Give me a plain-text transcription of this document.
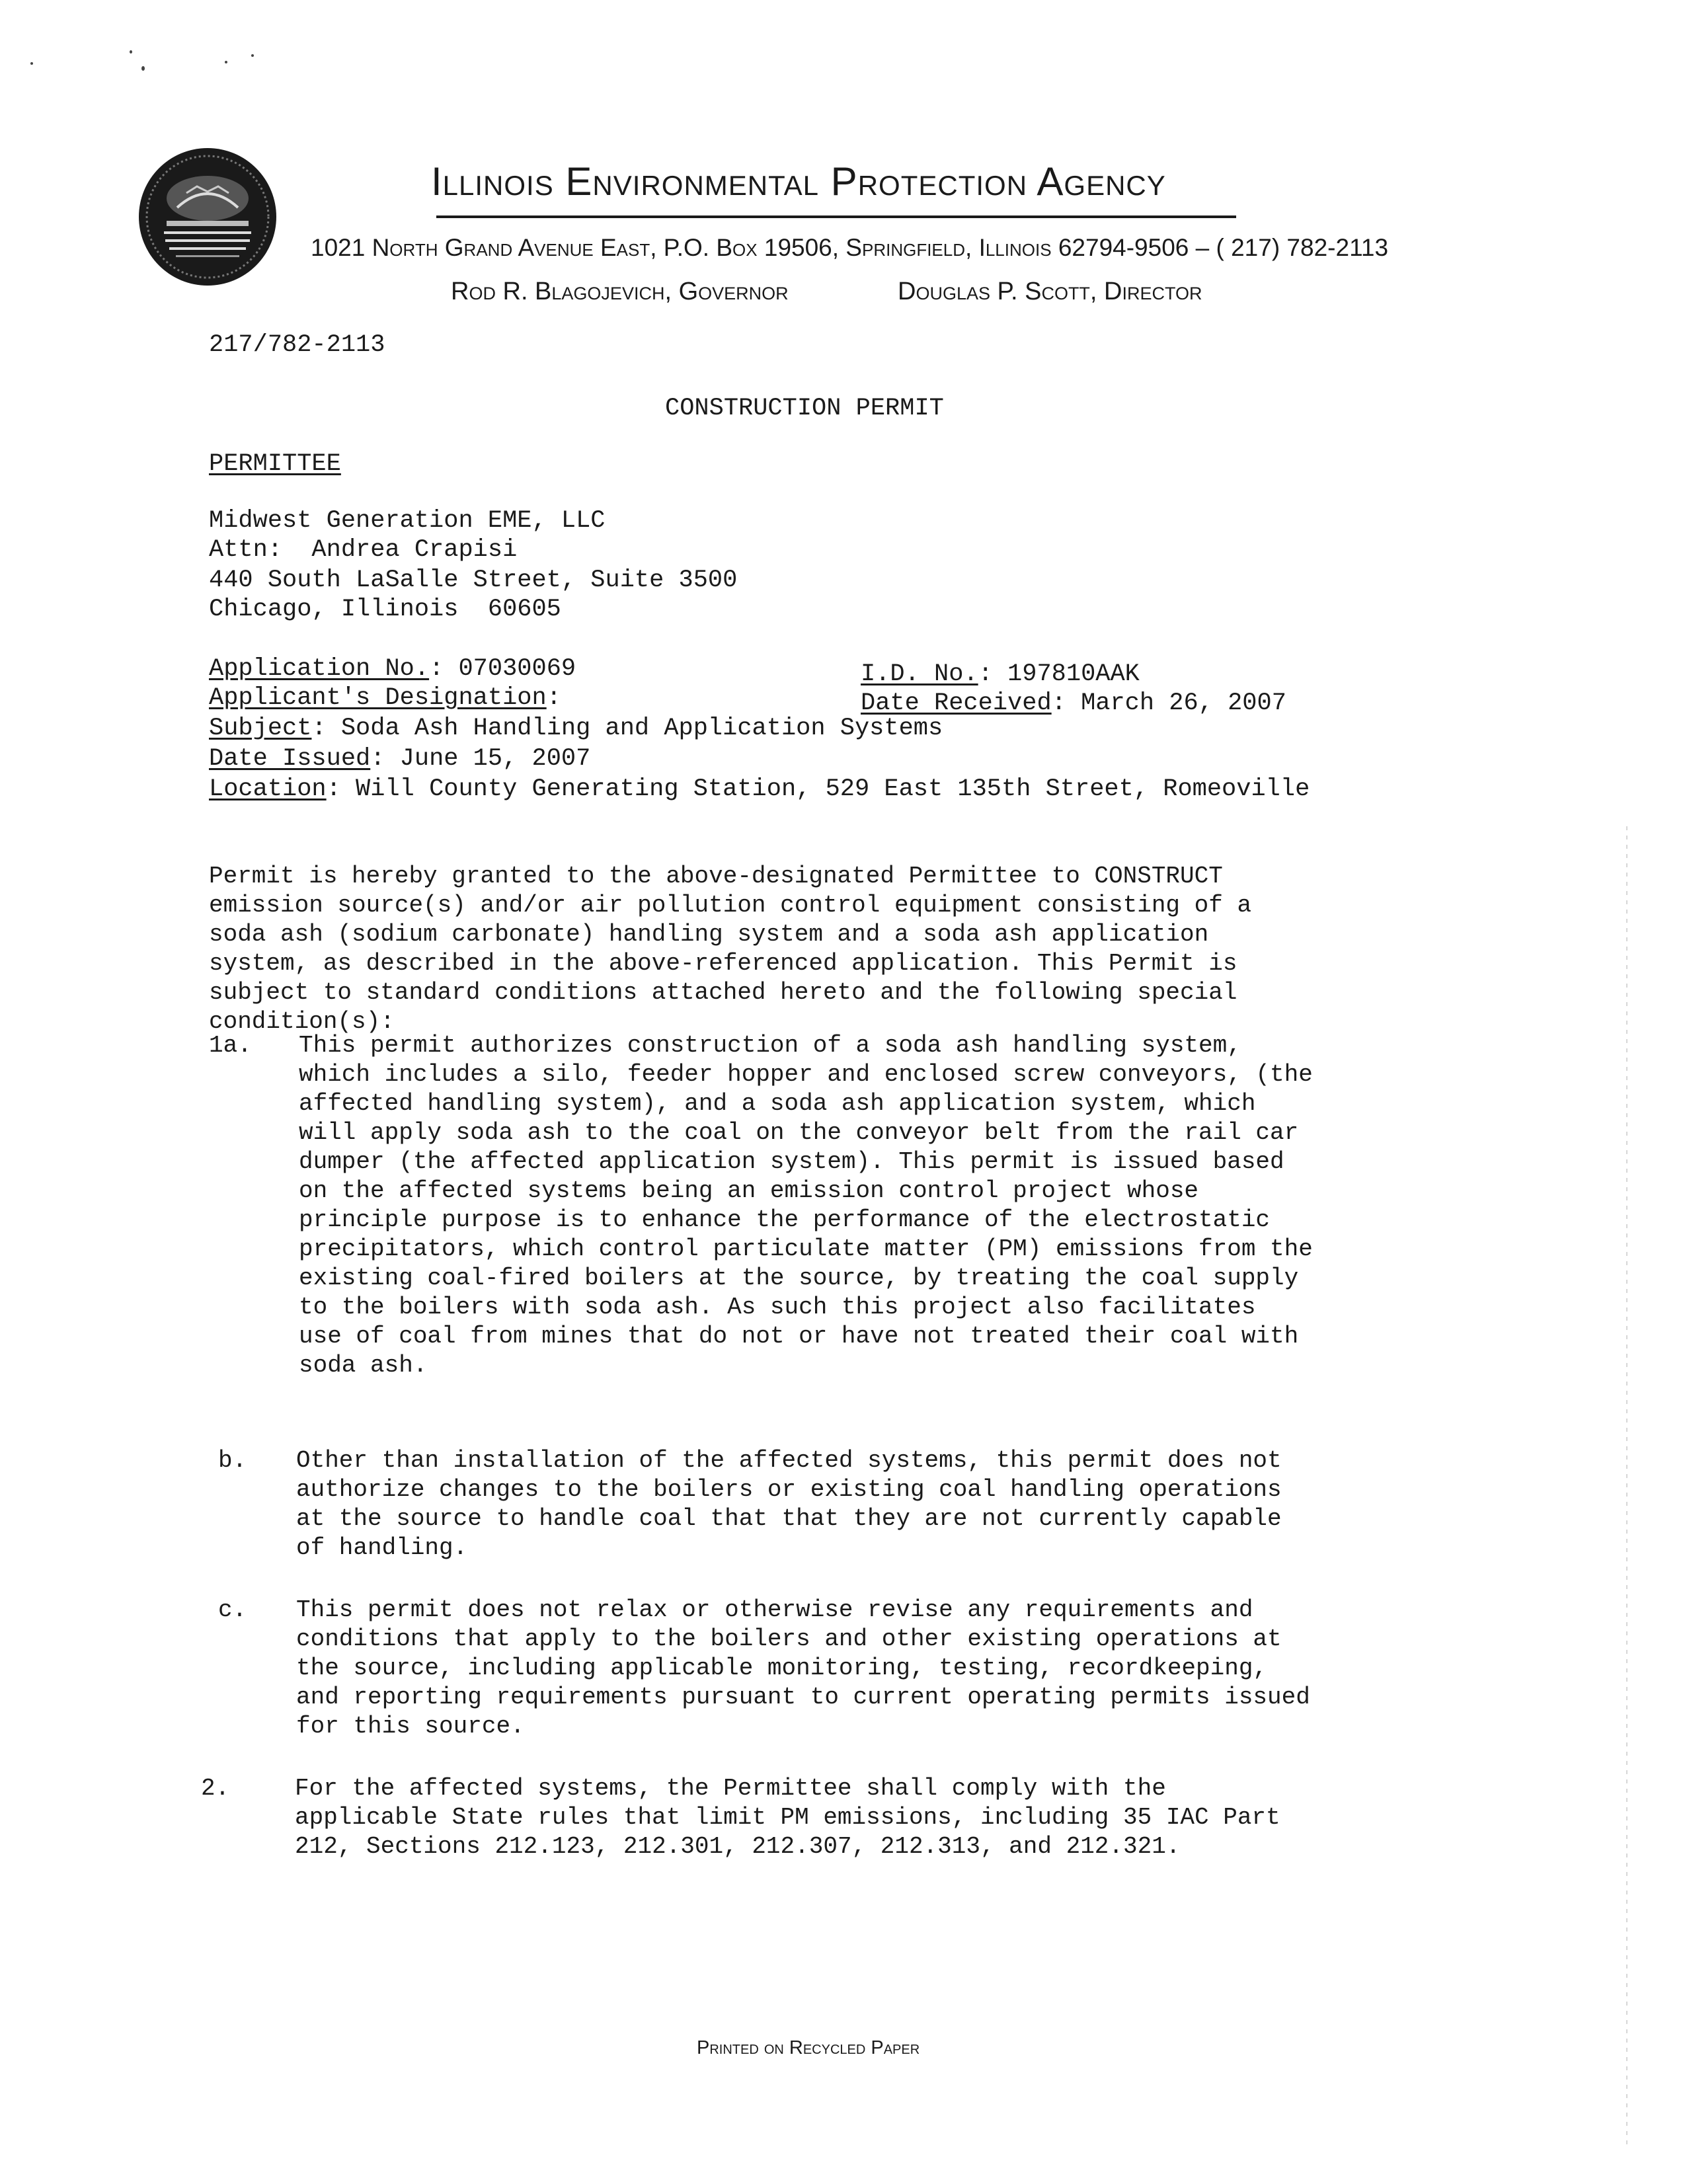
Illinois Environmental Protection Agency
1021 North Grand Avenue East, P.O. Box 19506, Springfield, Illinois 62794-9506 – ( 217) 782-2113
Rod R. Blagojevich, Governor	Douglas P. Scott, Director
217/782-2113
CONSTRUCTION PERMIT
PERMITTEE
Midwest Generation EME, LLC
Attn:  Andrea Crapisi
440 South LaSalle Street, Suite 3500
Chicago, Illinois  60605
Application No.: 07030069	I.D. No.: 197810AAK
Applicant's Designation:	Date Received: March 26, 2007
Subject: Soda Ash Handling and Application Systems
Date Issued: June 15, 2007
Location: Will County Generating Station, 529 East 135th Street, Romeoville
Permit is hereby granted to the above-designated Permittee to CONSTRUCT
emission source(s) and/or air pollution control equipment consisting of a
soda ash (sodium carbonate) handling system and a soda ash application
system, as described in the above-referenced application. This Permit is
subject to standard conditions attached hereto and the following special
condition(s):
1a. This permit authorizes construction of a soda ash handling system,
which includes a silo, feeder hopper and enclosed screw conveyors, (the
affected handling system), and a soda ash application system, which
will apply soda ash to the coal on the conveyor belt from the rail car
dumper (the affected application system). This permit is issued based
on the affected systems being an emission control project whose
principle purpose is to enhance the performance of the electrostatic
precipitators, which control particulate matter (PM) emissions from the
existing coal-fired boilers at the source, by treating the coal supply
to the boilers with soda ash. As such this project also facilitates
use of coal from mines that do not or have not treated their coal with
soda ash.
b. Other than installation of the affected systems, this permit does not
authorize changes to the boilers or existing coal handling operations
at the source to handle coal that that they are not currently capable
of handling.
c. This permit does not relax or otherwise revise any requirements and
conditions that apply to the boilers and other existing operations at
the source, including applicable monitoring, testing, recordkeeping,
and reporting requirements pursuant to current operating permits issued
for this source.
2.	For the affected systems, the Permittee shall comply with the
applicable State rules that limit PM emissions, including 35 IAC Part
212, Sections 212.123, 212.301, 212.307, 212.313, and 212.321.
Printed on Recycled Paper
